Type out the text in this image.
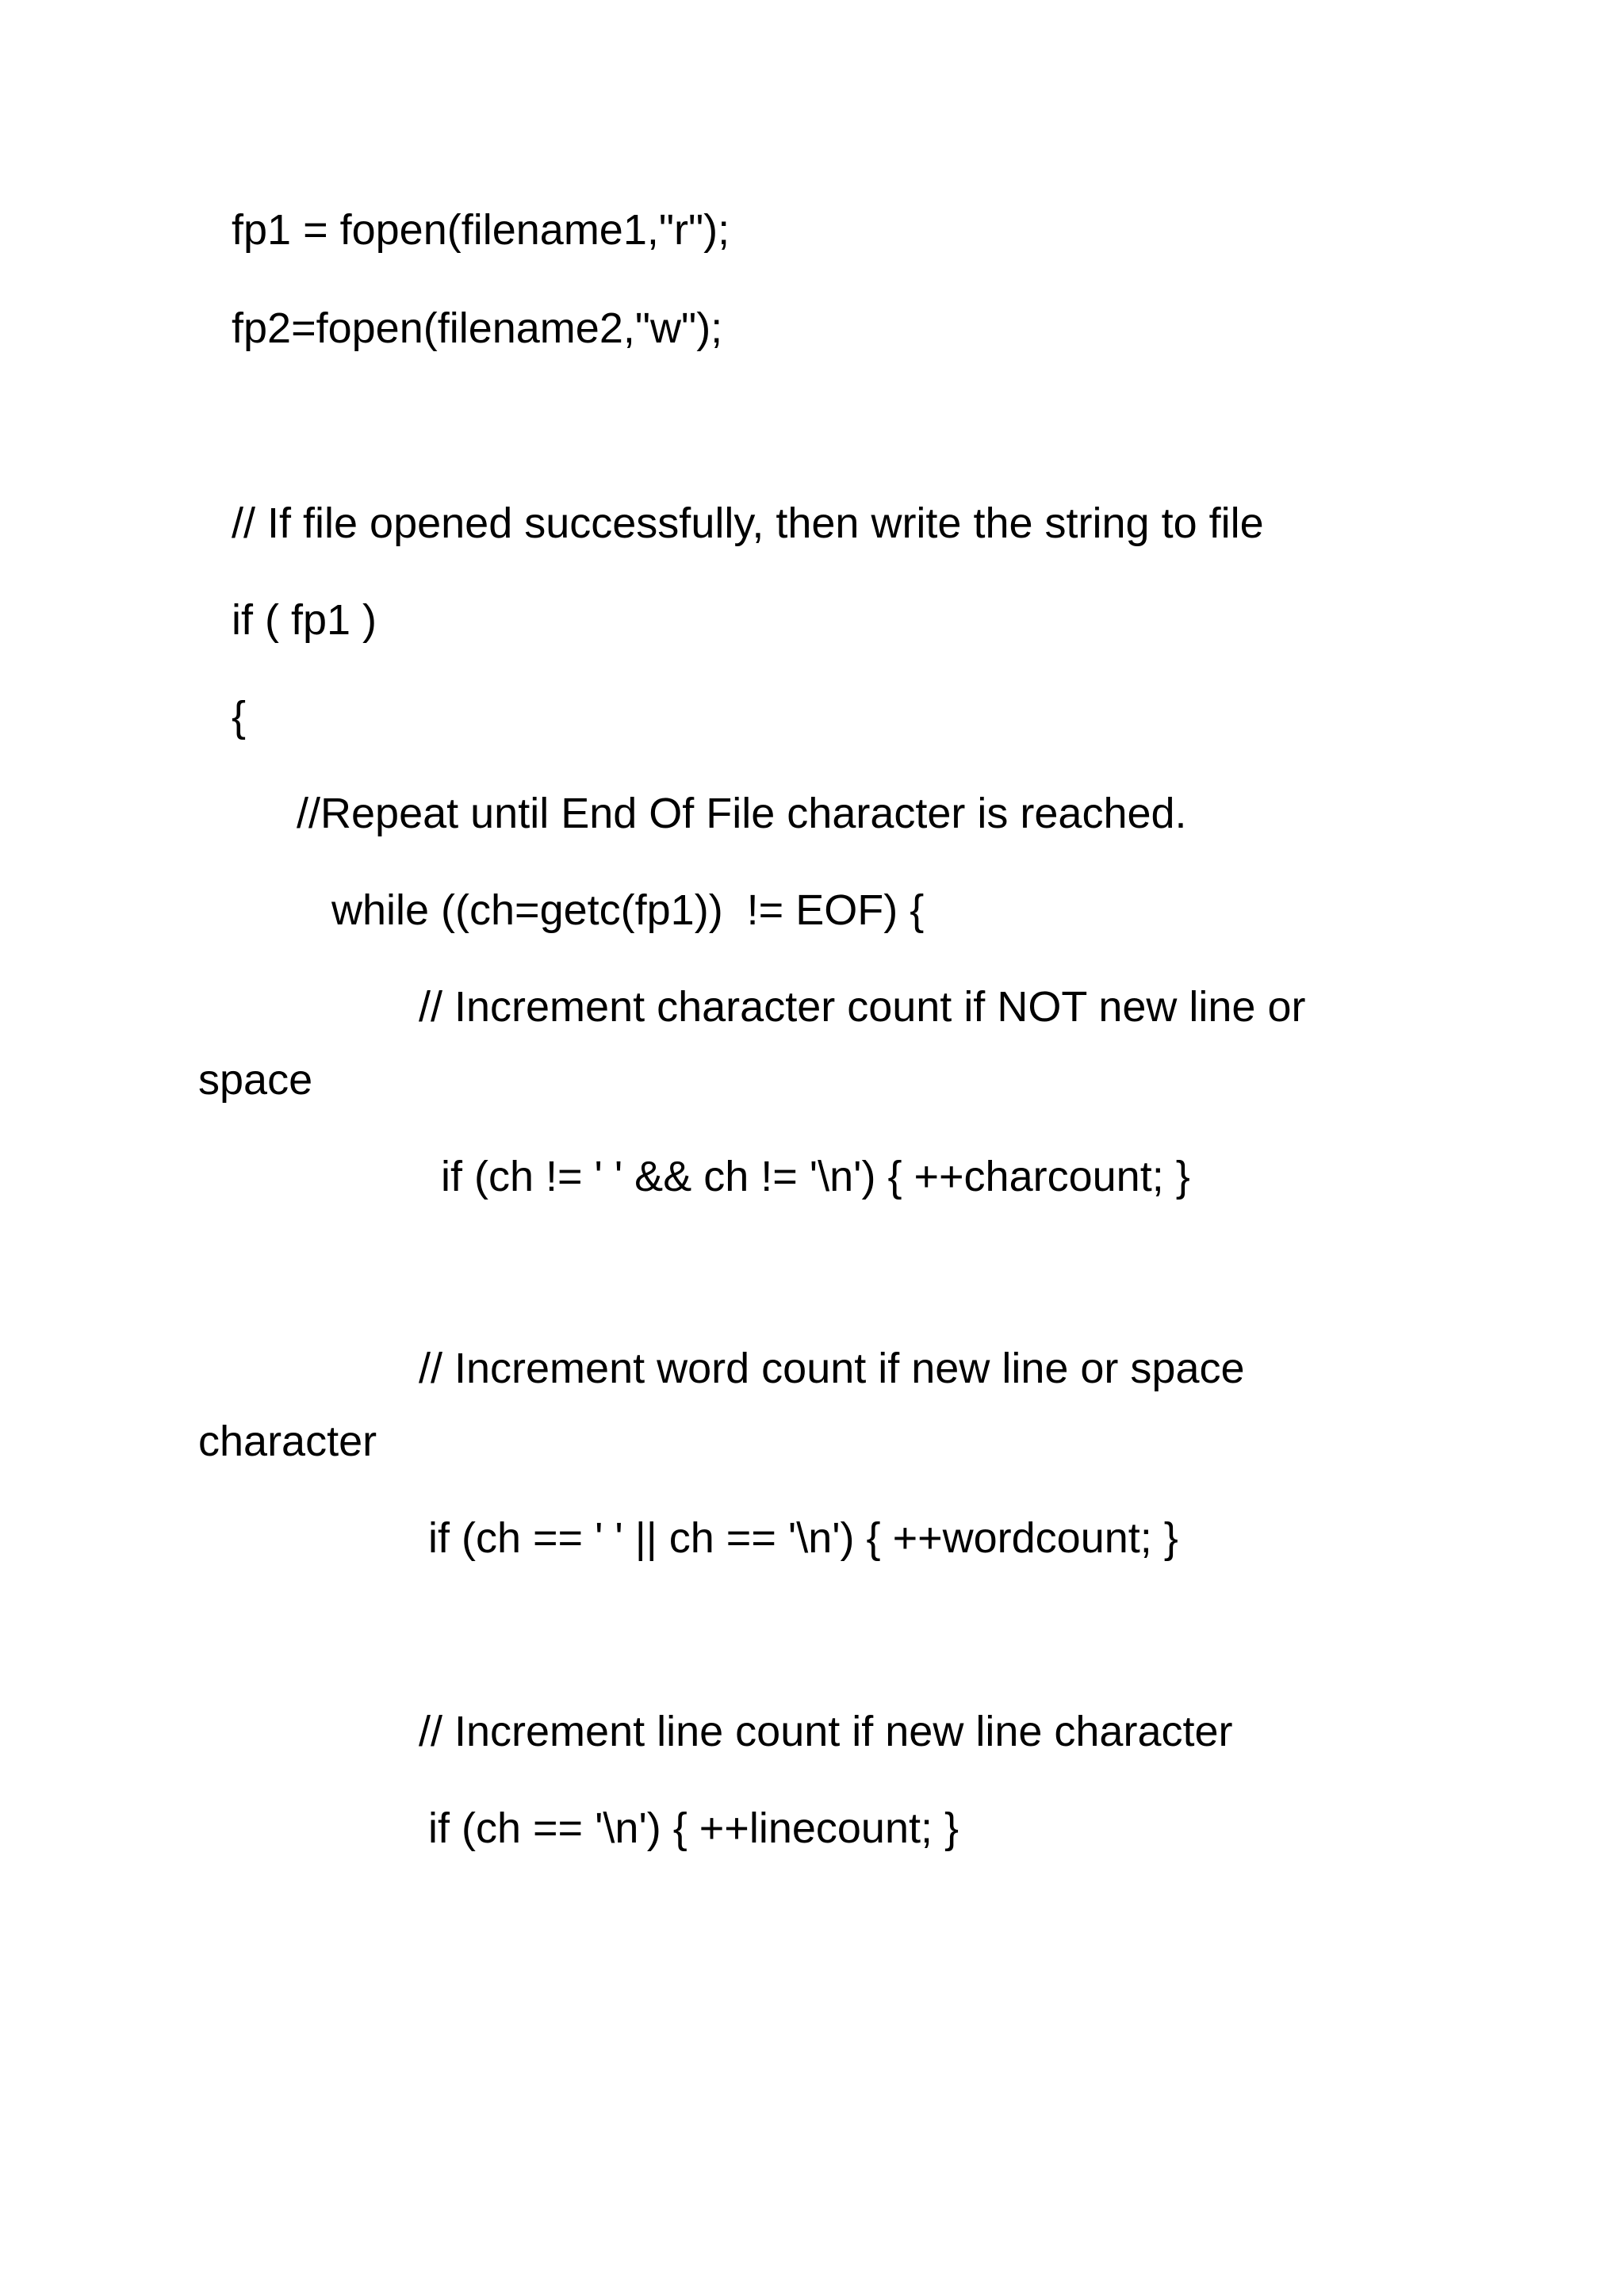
fp1 = fopen(filename1,"r");
fp2=fopen(filename2,"w");
// If file opened successfully, then write the string to file
if ( fp1 )
{
//Repeat until End Of File character is reached.
while ((ch=getc(fp1))  != EOF) {
// Increment character count if NOT new line or
space
if (ch != ' ' && ch != '\n') { ++charcount; }
// Increment word count if new line or space
character
if (ch == ' ' || ch == '\n') { ++wordcount; }
// Increment line count if new line character
if (ch == '\n') { ++linecount; }
